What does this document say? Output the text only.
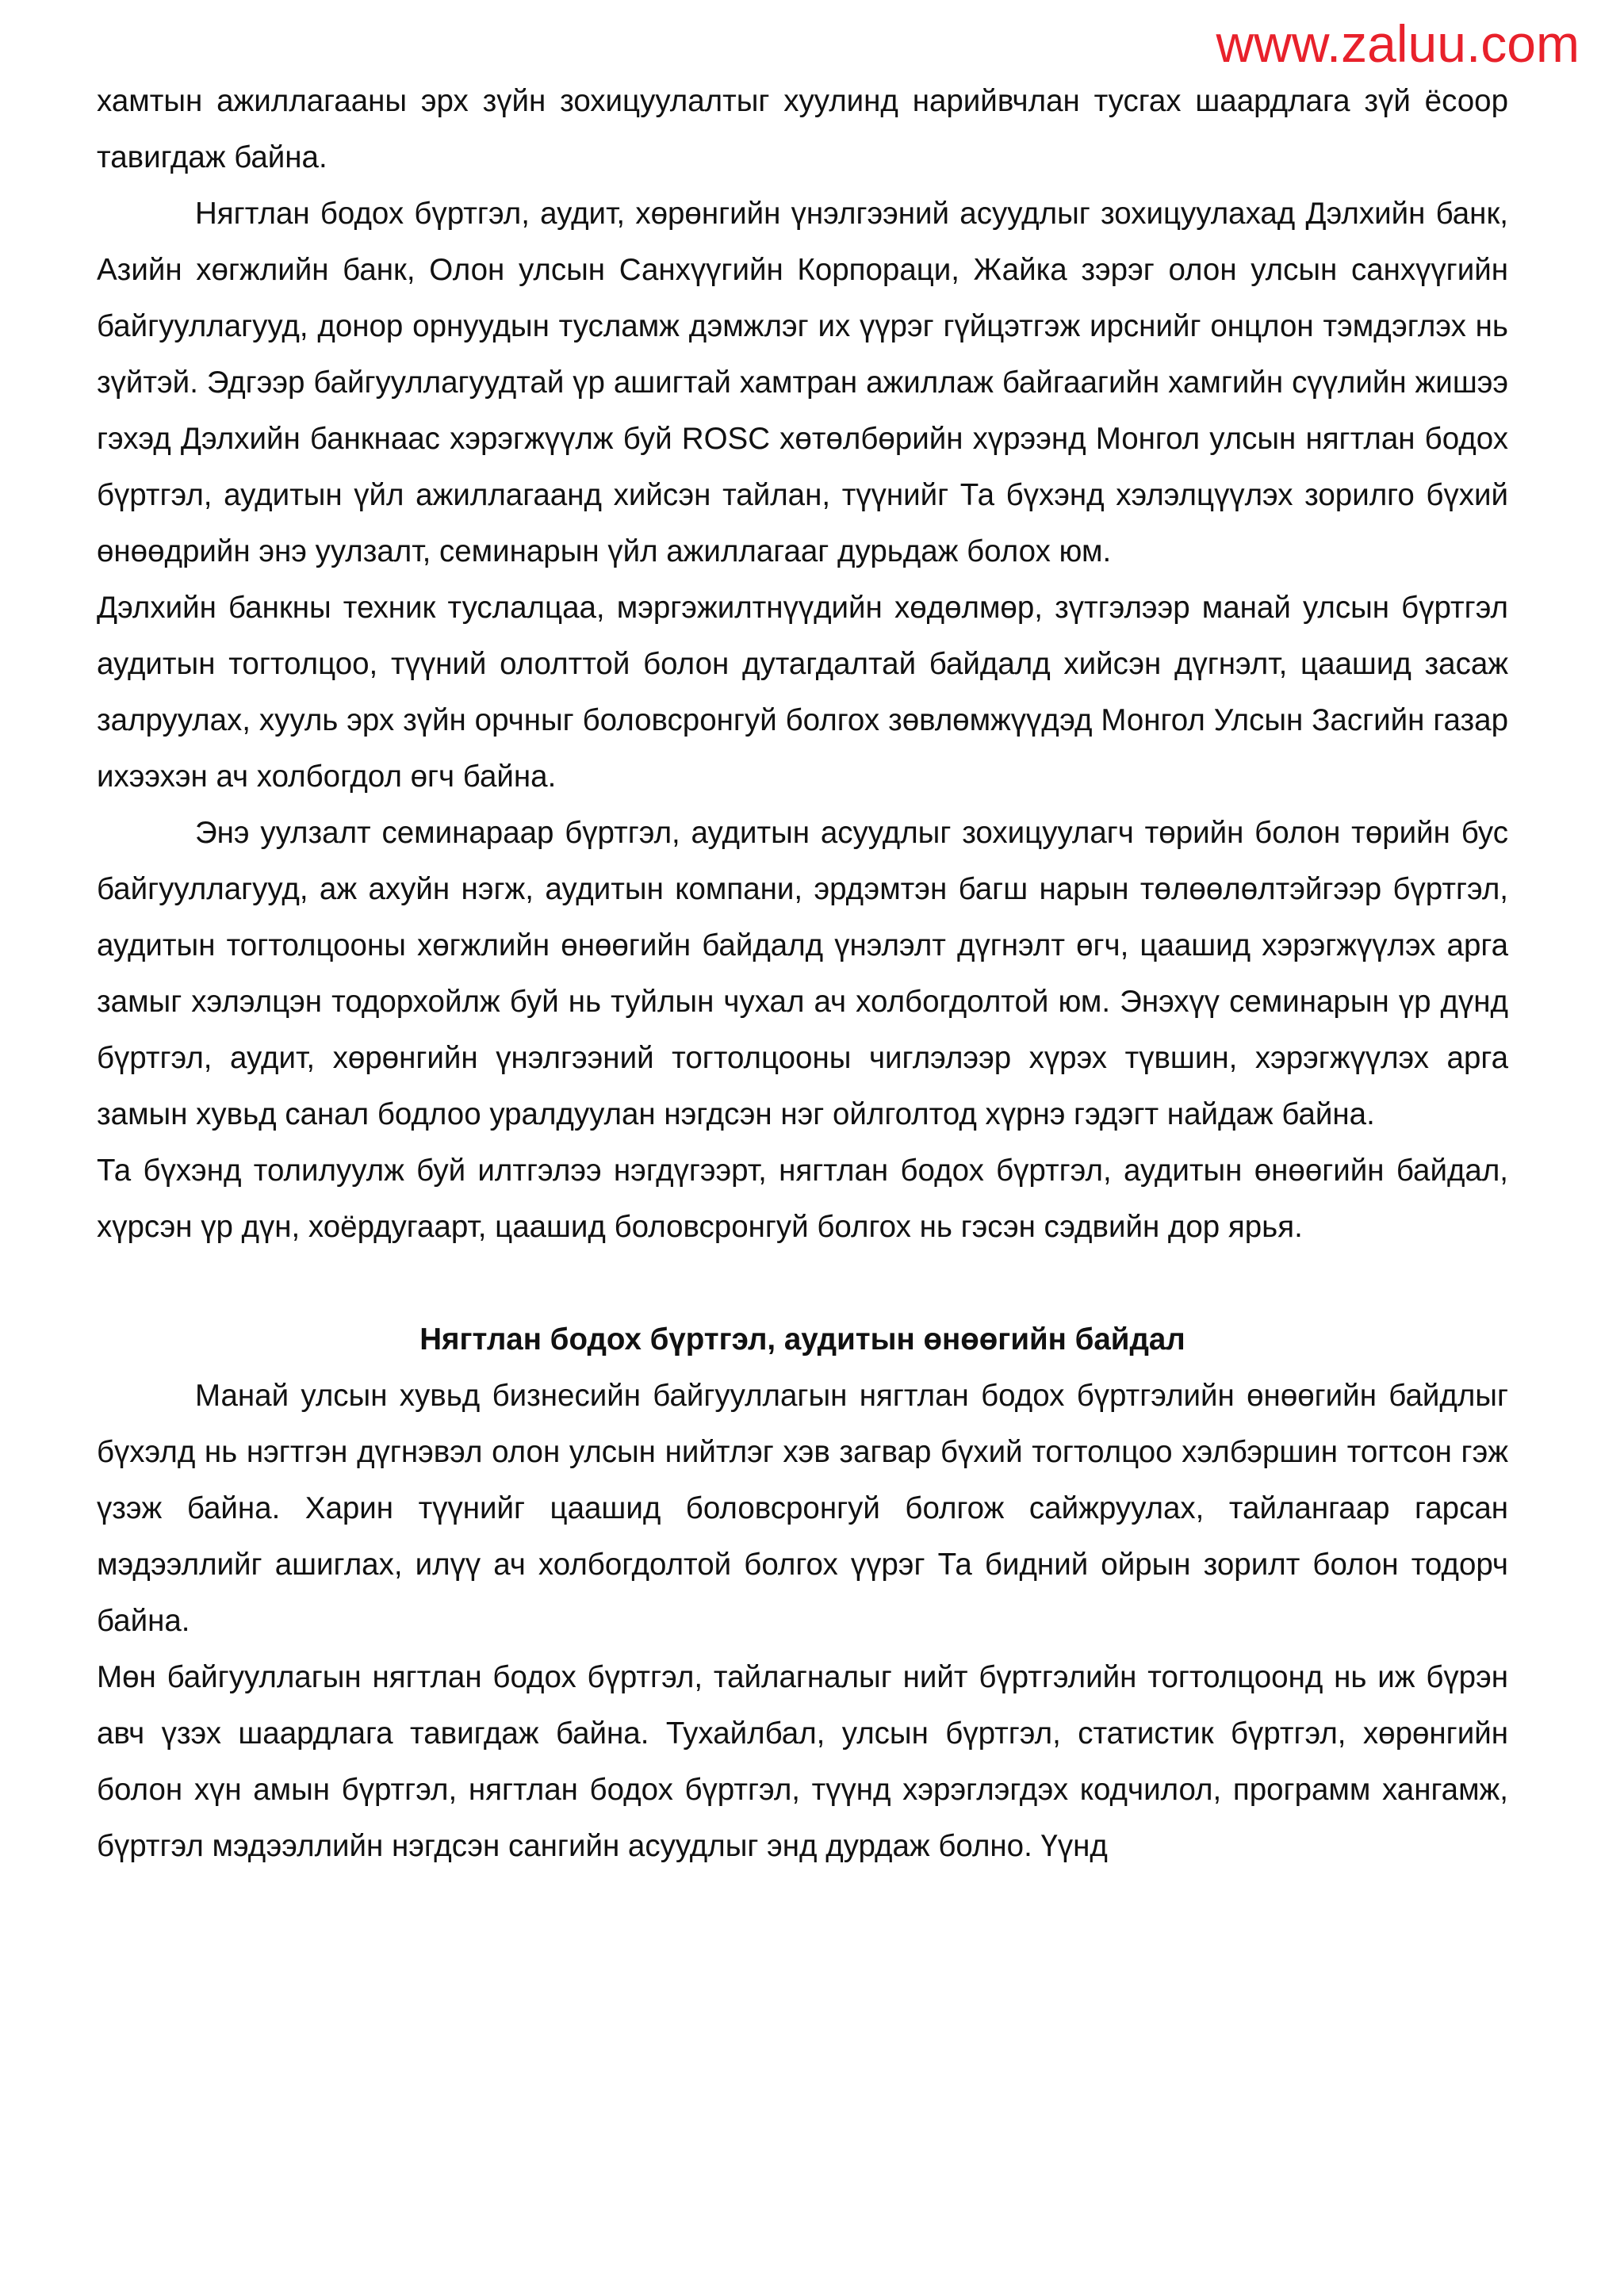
www.zaluu.com

хамтын ажиллагааны эрх зүйн зохицуулалтыг хуулинд нарийвчлан тусгах шаардлага зүй ёсоор тавигдаж байна.

Нягтлан бодох бүртгэл, аудит, хөрөнгийн үнэлгээний асуудлыг зохицуулахад Дэлхийн банк, Азийн хөгжлийн банк, Олон улсын Санхүүгийн Корпораци, Жайка зэрэг олон улсын санхүүгийн байгууллагууд, донор орнуудын тусламж дэмжлэг их үүрэг гүйцэтгэж ирснийг онцлон тэмдэглэх нь зүйтэй. Эдгээр байгууллагуудтай үр ашигтай хамтран ажиллаж байгаагийн хамгийн сүүлийн жишээ гэхэд Дэлхийн банкнаас хэрэгжүүлж буй ROSC хөтөлбөрийн хүрээнд Монгол улсын нягтлан бодох бүртгэл, аудитын үйл ажиллагаанд хийсэн тайлан, түүнийг Та бүхэнд хэлэлцүүлэх зорилго бүхий өнөөдрийн энэ уулзалт, семинарын үйл ажиллагааг дурьдаж болох юм.

Дэлхийн банкны техник туслалцаа, мэргэжилтнүүдийн хөдөлмөр, зүтгэлээр манай улсын бүртгэл аудитын тогтолцоо, түүний ололттой болон дутагдалтай байдалд хийсэн дүгнэлт, цаашид засаж залруулах, хууль эрх зүйн орчныг боловсронгуй болгох зөвлөмжүүдэд Монгол Улсын Засгийн газар ихээхэн ач холбогдол өгч байна.

Энэ уулзалт семинараар бүртгэл, аудитын асуудлыг зохицуулагч төрийн болон төрийн бус байгууллагууд, аж ахуйн нэгж, аудитын компани, эрдэмтэн багш нарын төлөөлөлтэйгээр бүртгэл, аудитын тогтолцооны хөгжлийн өнөөгийн байдалд үнэлэлт дүгнэлт өгч, цаашид хэрэгжүүлэх арга замыг хэлэлцэн тодорхойлж буй нь туйлын чухал ач холбогдолтой юм. Энэхүү семинарын үр дүнд бүртгэл, аудит, хөрөнгийн үнэлгээний тогтолцооны чиглэлээр хүрэх түвшин, хэрэгжүүлэх арга замын хувьд санал бодлоо уралдуулан нэгдсэн нэг ойлголтод хүрнэ гэдэгт найдаж байна.

Та бүхэнд толилуулж буй илтгэлээ нэгдүгээрт, нягтлан бодох бүртгэл, аудитын өнөөгийн байдал, хүрсэн үр дүн, хоёрдугаарт, цаашид боловсронгуй болгох нь гэсэн сэдвийн дор ярья.

Нягтлан бодох бүртгэл, аудитын өнөөгийн байдал

Манай улсын хувьд бизнесийн байгууллагын нягтлан бодох бүртгэлийн өнөөгийн байдлыг бүхэлд нь нэгтгэн дүгнэвэл олон улсын нийтлэг хэв загвар бүхий тогтолцоо хэлбэршин тогтсон гэж үзэж байна. Харин түүнийг цаашид боловсронгуй болгож сайжруулах, тайлангаар гарсан мэдээллийг ашиглах, илүү ач холбогдолтой болгох үүрэг Та бидний ойрын зорилт болон тодорч байна.

Мөн байгууллагын нягтлан бодох бүртгэл, тайлагналыг нийт бүртгэлийн тогтолцоонд нь иж бүрэн авч үзэх шаардлага тавигдаж байна. Тухайлбал, улсын бүртгэл, статистик бүртгэл, хөрөнгийн болон хүн амын бүртгэл, нягтлан бодох бүртгэл, түүнд хэрэглэгдэх кодчилол, программ хангамж, бүртгэл мэдээллийн нэгдсэн сангийн асуудлыг энд дурдаж болно. Үүнд
